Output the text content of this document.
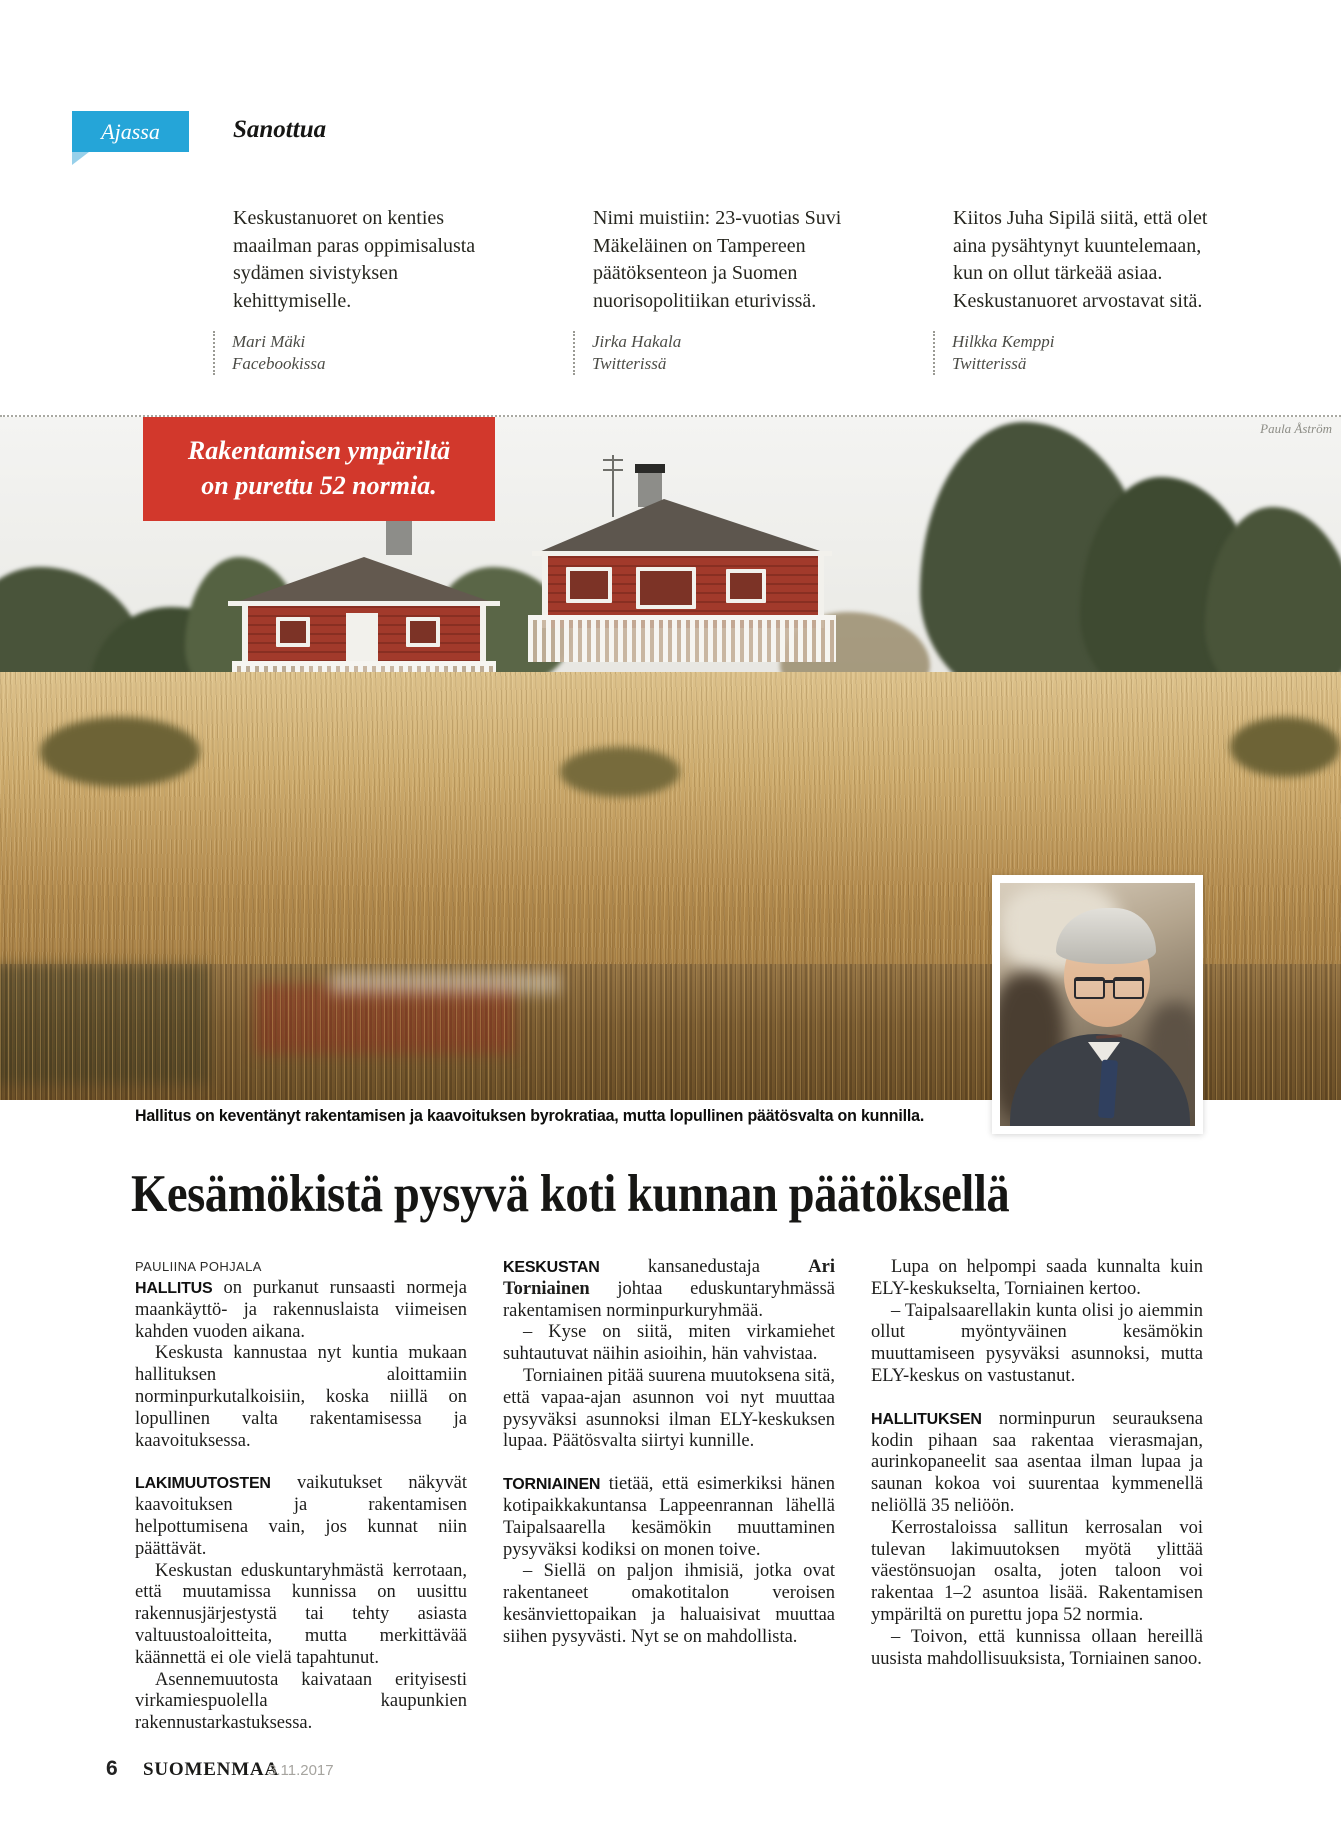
Ajassa	Sanottua

Keskustanuoret on kenties maailman paras oppimisalusta sydämen sivistyksen kehittymiselle.

Mari Mäki
Facebookissa

Nimi muistiin: 23-vuotias Suvi Mäkeläinen on Tampereen päätöksenteon ja Suomen nuorisopolitiikan eturivissä.

Jirka Hakala
Twitterissä

Kiitos Juha Sipilä siitä, että olet aina pysähtynyt kuuntelemaan, kun on ollut tärkeää asiaa. Keskustanuoret arvostavat sitä.

Hilkka Kemppi
Twitterissä
Rakentamisen ympäriltä
on purettu 52 normia.
Paula Åström
Hallitus on keventänyt rakentamisen ja kaavoituksen byrokratiaa, mutta lopullinen päätösvalta on kunnilla.
Kesämökistä pysyvä koti kunnan päätöksellä
PAULIINA POHJALA

HALLITUS on purkanut runsaasti normeja maankäyttö- ja rakennuslaista viimeisen kahden vuoden aikana.

Keskusta kannustaa nyt kuntia mukaan hallituksen aloittamiin norminpurkutalkoisiin, koska niillä on lopullinen valta rakentamisessa ja kaavoituksessa.

LAKIMUUTOSTEN vaikutukset näkyvät kaavoituksen ja rakentamisen helpottumisena vain, jos kunnat niin päättävät.

Keskustan eduskuntaryhmästä kerrotaan, että muutamissa kunnissa on uusittu rakennusjärjestystä tai tehty asiasta valtuustoaloitteita, mutta merkittävää käännettä ei ole vielä tapahtunut.

Asennemuutosta kaivataan erityisesti virkamiespuolella kaupunkien rakennustarkastuksessa.

KESKUSTAN kansanedustaja Ari Torniainen johtaa eduskuntaryhmässä rakentamisen norminpurkuryhmää.

– Kyse on siitä, miten virkamiehet suhtautuvat näihin asioihin, hän vahvistaa.

Torniainen pitää suurena muutoksena sitä, että vapaa-ajan asunnon voi nyt muuttaa pysyväksi asunnoksi ilman ELY-keskuksen lupaa. Päätösvalta siirtyi kunnille.

TORNIAINEN tietää, että esimerkiksi hänen kotipaikkakuntansa Lappeenrannan lähellä Taipalsaarella kesämökin muuttaminen pysyväksi kodiksi on monen toive.

– Siellä on paljon ihmisiä, jotka ovat rakentaneet omakotitalon veroisen kesänviettopaikan ja haluaisivat muuttaa siihen pysyvästi. Nyt se on mahdollista.

Lupa on helpompi saada kunnalta kuin ELY-keskukselta, Torniainen kertoo.

– Taipalsaarellakin kunta olisi jo aiemmin ollut myöntyväinen kesämökin muuttamiseen pysyväksi asunnoksi, mutta ELY-keskus on vastustanut.

HALLITUKSEN norminpurun seurauksena kodin pihaan saa rakentaa vierasmajan, aurinkopaneelit saa asentaa ilman lupaa ja saunan kokoa voi suurentaa kymmenellä neliöllä 35 neliöön.

Kerrostaloissa sallitun kerrosalan voi tulevan lakimuutoksen myötä ylittää väestönsuojan osalta, joten taloon voi rakentaa 1–2 asuntoa lisää. Rakentamisen ympäriltä on purettu jopa 52 normia.

– Toivon, että kunnissa ollaan hereillä uusista mahdollisuuksista, Torniainen sanoo.

6 SUOMENMAA
3.11.2017
